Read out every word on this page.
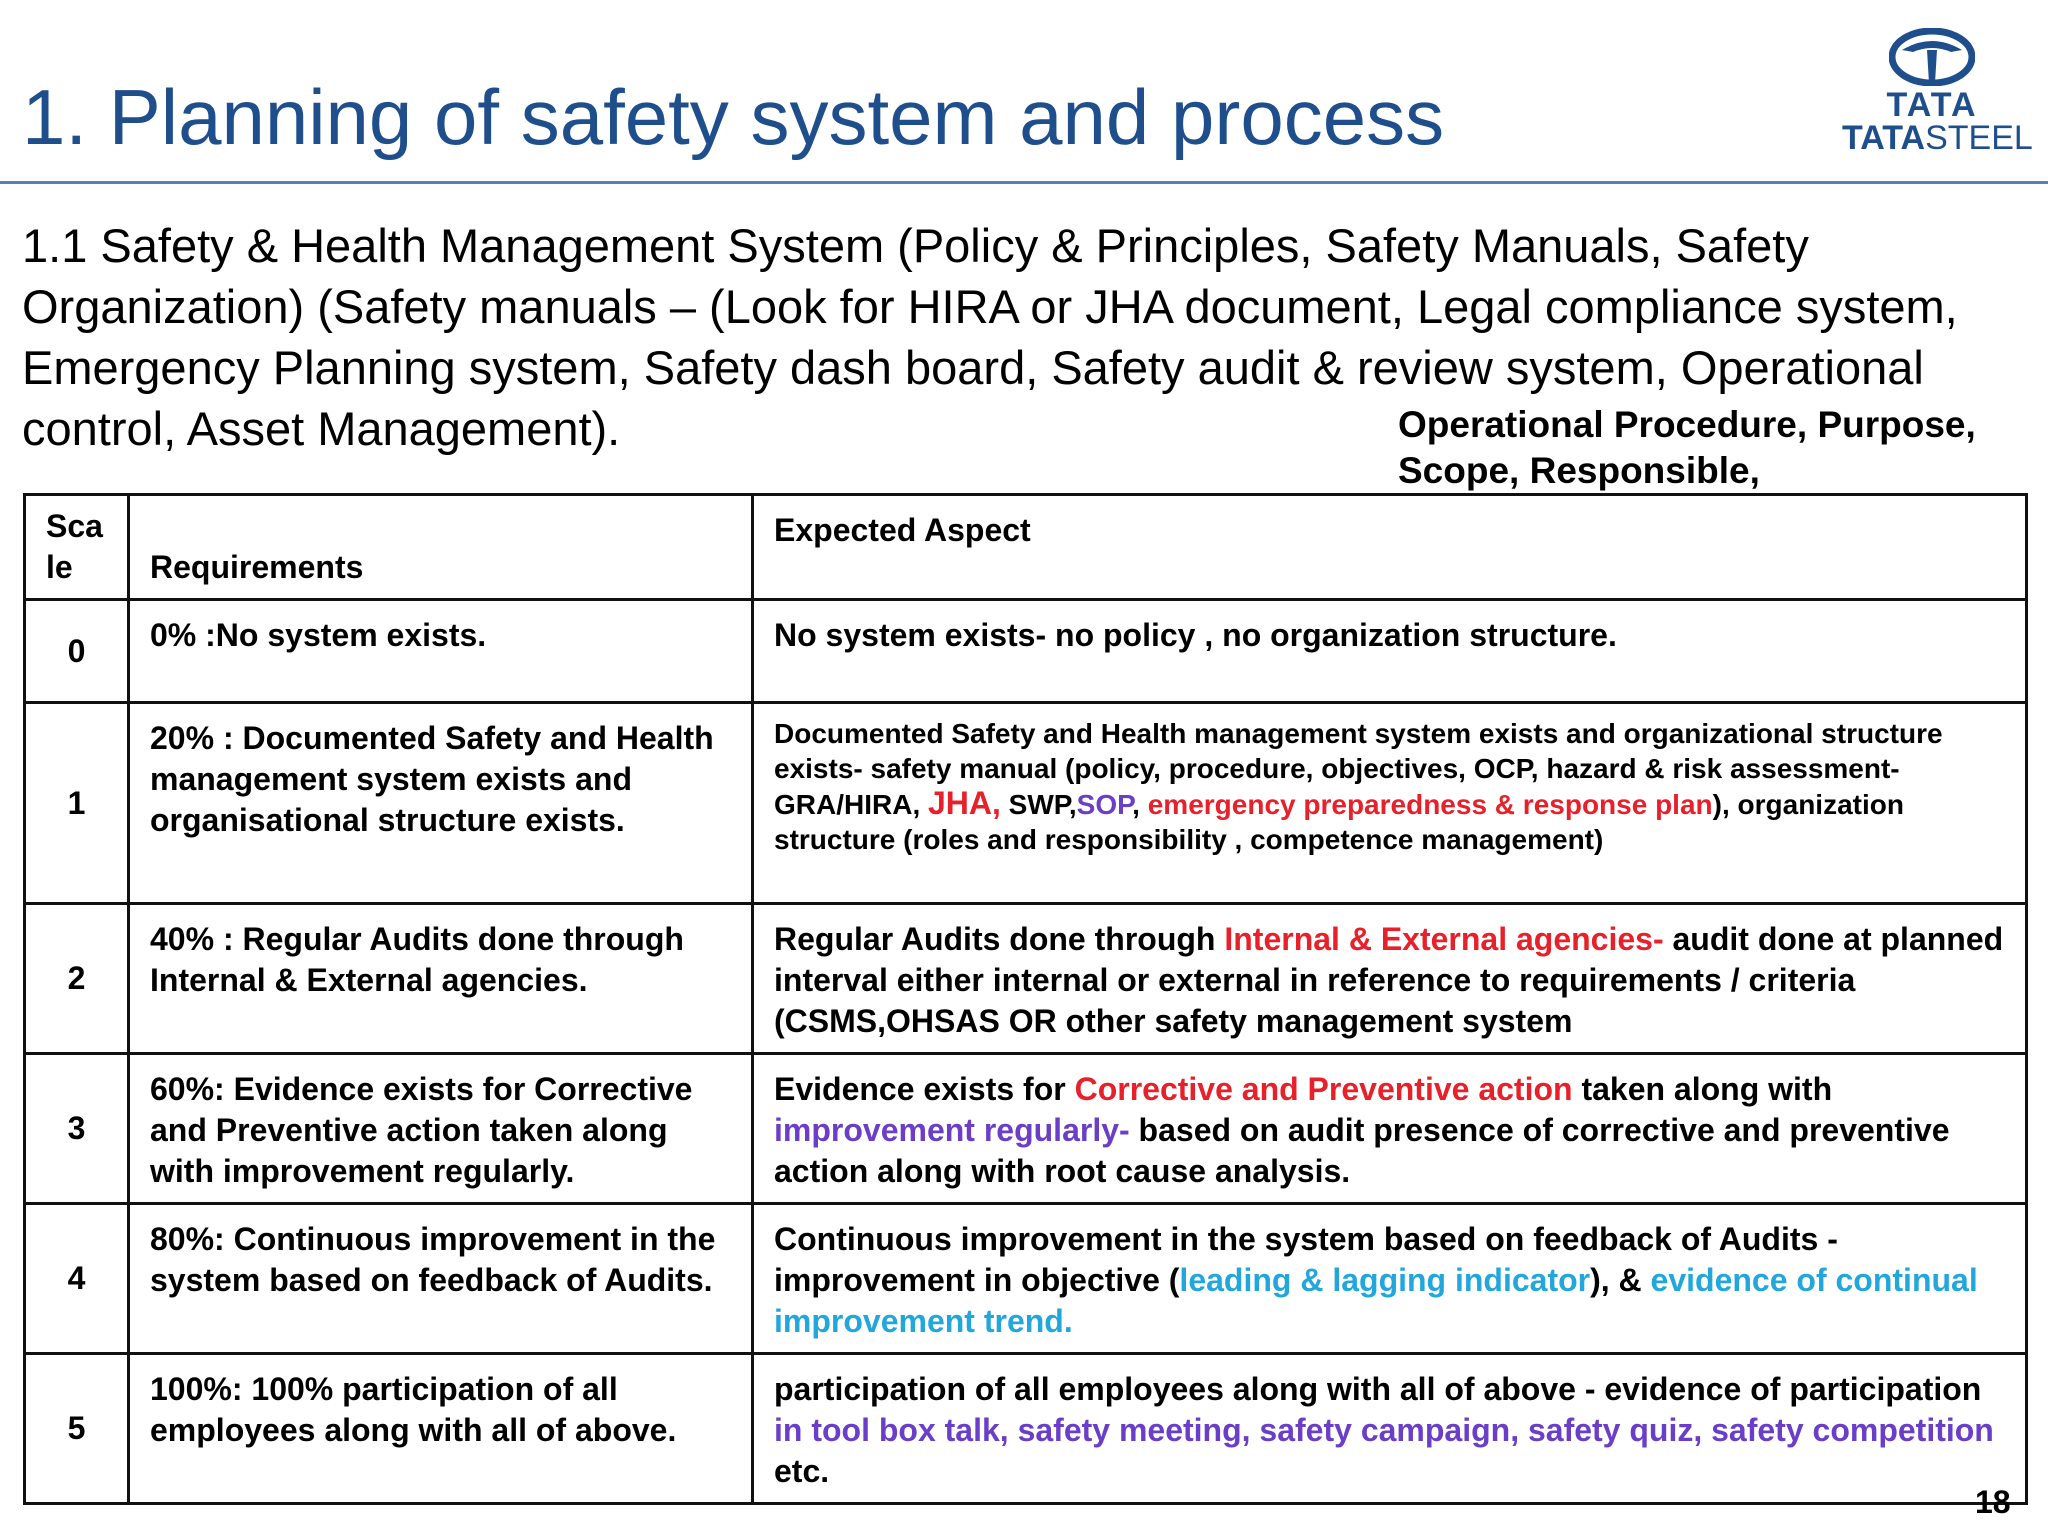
1. Planning of safety system and process	TATA
TATASTEEL

1.1 Safety & Health Management System (Policy & Principles, Safety Manuals, Safety Organization) (Safety manuals – (Look for HIRA or JHA document, Legal compliance system, Emergency Planning system, Safety dash board, Safety audit & review system, Operational control, Asset Management).	Operational Procedure, Purpose, Scope, Responsible,
Sca le	Requirements	Expected Aspect
0	0% :No system exists.	No system exists- no policy , no organization structure.
1	20% : Documented Safety and Health management system exists and organisational structure exists.	Documented Safety and Health management system exists and organizational structure exists- safety manual (policy, procedure, objectives, OCP, hazard & risk assessment-GRA/HIRA, JHA, SWP,SOP, emergency preparedness & response plan), organization structure (roles and responsibility , competence management)
2	40% : Regular Audits done through Internal & External agencies.	Regular Audits done through Internal & External agencies- audit done at planned interval either internal or external in reference to requirements / criteria (CSMS,OHSAS OR other safety management system
3	60%: Evidence exists for Corrective and Preventive action taken along with improvement regularly.	Evidence exists for Corrective and Preventive action taken along with improvement regularly- based on audit presence of corrective and preventive action along with root cause analysis.
4	80%: Continuous improvement in the system based on feedback of Audits.	Continuous improvement in the system based on feedback of Audits - improvement in objective (leading & lagging indicator), & evidence of continual improvement trend.
5	100%: 100% participation of all employees along with all of above.	participation of all employees along with all of above - evidence of participation in tool box talk, safety meeting, safety campaign, safety quiz, safety competition etc.
18
